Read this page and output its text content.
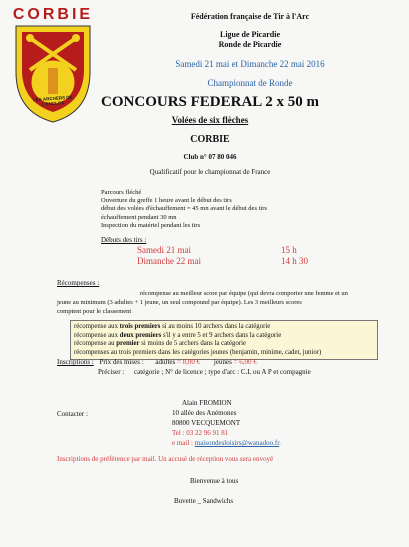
CORBIE
LES ARCHERS DE L'ENCLOS
Fédération française de Tir à l'Arc
Ligue de Picardie
Ronde de Picardie
Samedi 21 mai et Dimanche 22 mai 2016
Championnat de Ronde
CONCOURS FEDERAL 2 x 50 m
Volées de six flèches
CORBIE
Club n° 07 80 046
Qualificatif pour le championnat de France
Parcours fléché
Ouverture du greffe 1 heure avant le début des tirs
début des volées d'échauffement = 45 mn avant le début des tirs
échauffement pendant 30 mn
Inspection du matériel pendant les tirs
Débuts des tirs :
Samedi 21 mai	15 h
Dimanche 22 mai	14 h 30
Récompenses :
récompense au meilleur score par équipe (qui devra comporter une femme et un
jeune au minimum (3 adultes + 1 jeune, un seul compound par équipe). Les 3 meilleurs scores
comptent pour le classement
récompense aux trois premiers si au moins 10 archers dans la catégorie
récompense aux deux premiers s'il y a entre 5 et 9 archers dans la catégorie
récompense au premier si moins de 5 archers dans la catégorie
récompenses au trois premiers dans les catégories jeunes (benjamin, minime, cadet, junior)
Inscriptions : Prix des mises : adultes = 8,00 € jeunes = 6,00 €
Préciser : catégorie ; N° de licence ; type d'arc : C.L ou A P et compagnie
Contacter :
Alain FROMION
10 allée des Anémones
80800 VECQUEMONT
Tel : 03 22 96 91 81
e mail : maisondesloisirs@wanadoo.fr.
Inscriptions de préférence par mail. Un accusé de réception vous sera envoyé
Bienvenue à tous
Buvette _ Sandwichs
